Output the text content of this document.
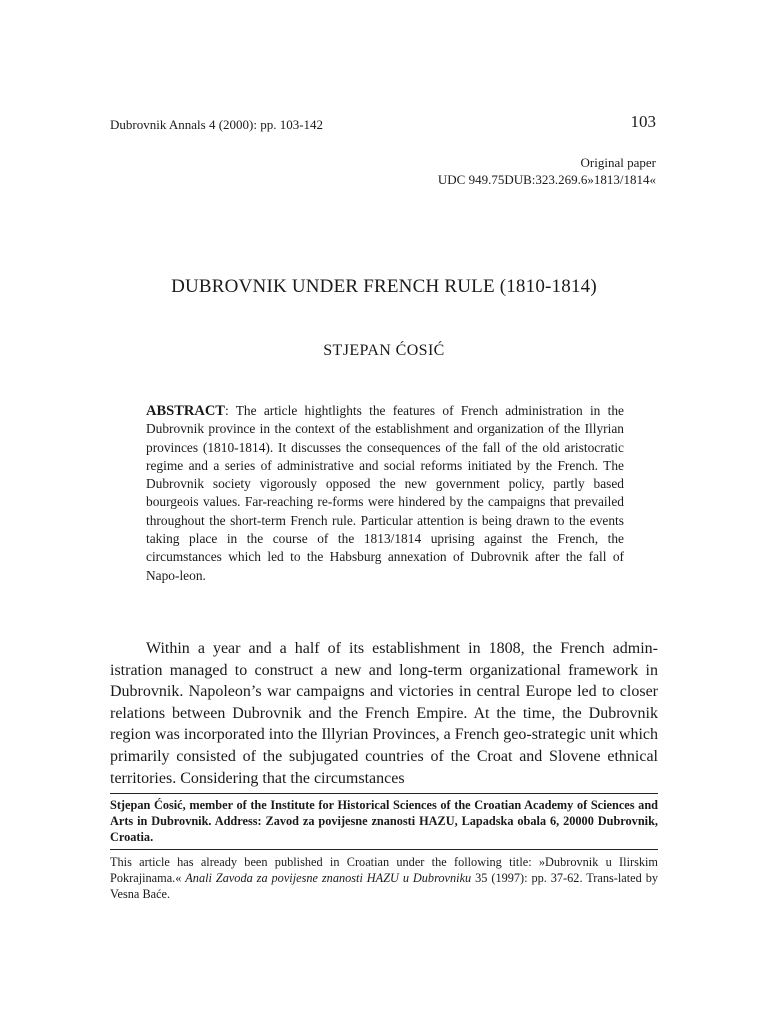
Dubrovnik Annals 4 (2000): pp. 103-142	103
Original paper
UDC 949.75DUB:323.269.6»1813/1814«
DUBROVNIK UNDER FRENCH RULE (1810-1814)
STJEPAN ĆOSIĆ
ABSTRACT: The article hightlights the features of French administration in the Dubrovnik province in the context of the establishment and organization of the Illyrian provinces (1810-1814). It discusses the consequences of the fall of the old aristocratic regime and a series of administrative and social reforms initiated by the French. The Dubrovnik society vigorously opposed the new government policy, partly based bourgeois values. Far-reaching re-forms were hindered by the campaigns that prevailed throughout the short-term French rule. Particular attention is being drawn to the events taking place in the course of the 1813/1814 uprising against the French, the circumstances which led to the Habsburg annexation of Dubrovnik after the fall of Napo-leon.
Within a year and a half of its establishment in 1808, the French admin-istration managed to construct a new and long-term organizational framework in Dubrovnik. Napoleon’s war campaigns and victories in central Europe led to closer relations between Dubrovnik and the French Empire. At the time, the Dubrovnik region was incorporated into the Illyrian Provinces, a French geo-strategic unit which primarily consisted of the subjugated countries of the Croat and Slovene ethnical territories. Considering that the circumstances
Stjepan Ćosić, member of the Institute for Historical Sciences of the Croatian Academy of Sciences and Arts in Dubrovnik. Address: Zavod za povijesne znanosti HAZU, Lapadska obala 6, 20000 Dubrovnik, Croatia.
This article has already been published in Croatian under the following title: »Dubrovnik u Ilirskim Pokrajinama.« Anali Zavoda za povijesne znanosti HAZU u Dubrovniku 35 (1997): pp. 37-62. Trans-lated by Vesna Baće.
